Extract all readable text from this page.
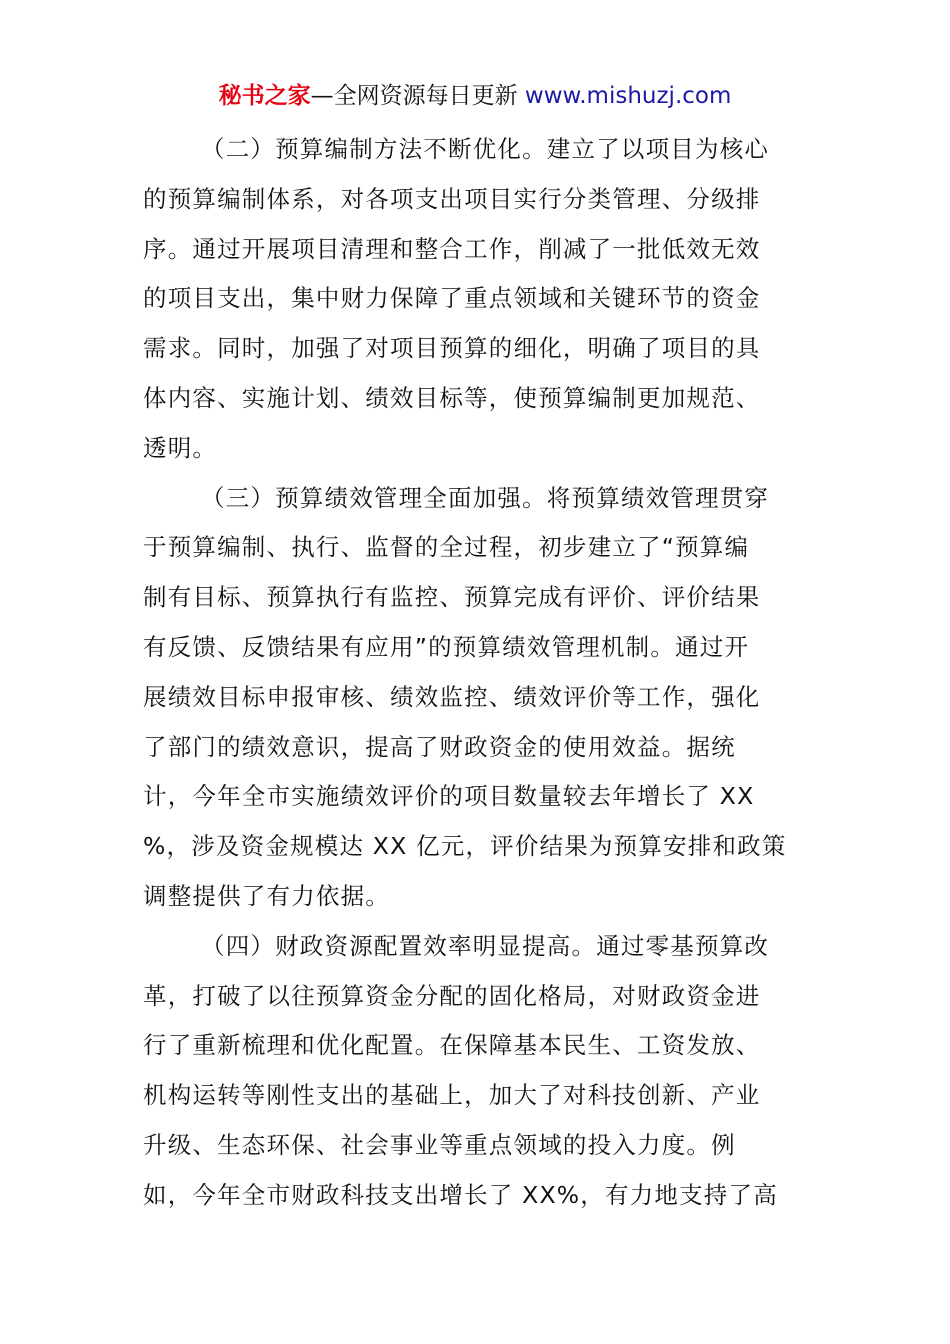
秘书之家—全网资源每日更新 www.mishuzj.com

（二）预算编制方法不断优化。建立了以项目为核心
的预算编制体系，对各项支出项目实行分类管理、分级排
序。通过开展项目清理和整合工作，削减了一批低效无效
的项目支出，集中财力保障了重点领域和关键环节的资金
需求。同时，加强了对项目预算的细化，明确了项目的具
体内容、实施计划、绩效目标等，使预算编制更加规范、
透明。

（三）预算绩效管理全面加强。将预算绩效管理贯穿
于预算编制、执行、监督的全过程，初步建立了“预算编
制有目标、预算执行有监控、预算完成有评价、评价结果
有反馈、反馈结果有应用”的预算绩效管理机制。通过开
展绩效目标申报审核、绩效监控、绩效评价等工作，强化
了部门的绩效意识，提高了财政资金的使用效益。据统
计，今年全市实施绩效评价的项目数量较去年增长了 XX
%，涉及资金规模达 XX 亿元，评价结果为预算安排和政策
调整提供了有力依据。

（四）财政资源配置效率明显提高。通过零基预算改
革，打破了以往预算资金分配的固化格局，对财政资金进
行了重新梳理和优化配置。在保障基本民生、工资发放、
机构运转等刚性支出的基础上，加大了对科技创新、产业
升级、生态环保、社会事业等重点领域的投入力度。例
如，今年全市财政科技支出增长了 XX%，有力地支持了高
